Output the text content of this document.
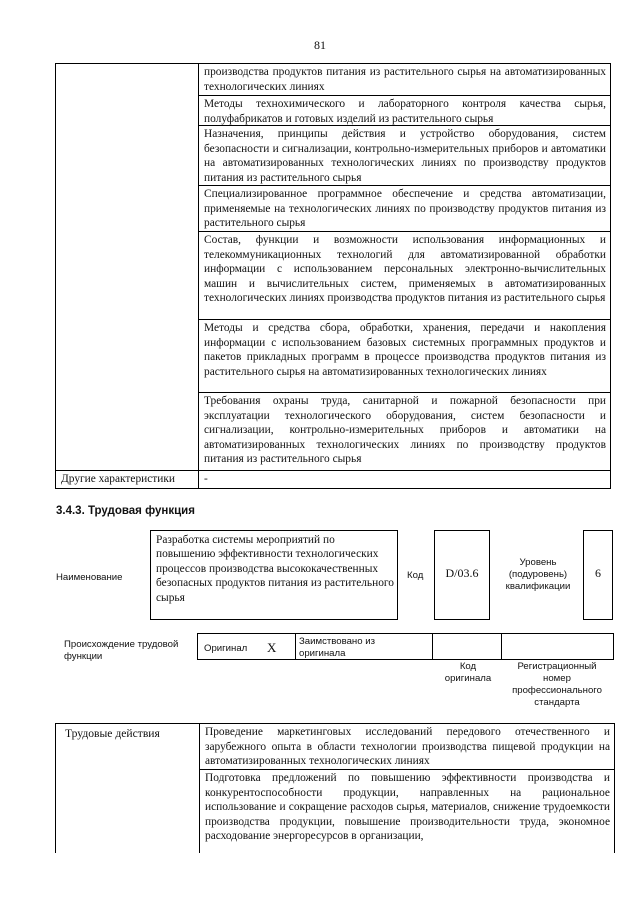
81
производства продуктов питания из растительного сырья на автоматизированных технологических линиях
Методы технохимического и лабораторного контроля качества сырья, полуфабрикатов и готовых изделий из растительного сырья
Назначения, принципы действия и устройство оборудования, систем безопасности и сигнализации, контрольно-измерительных приборов и автоматики на автоматизированных технологических линиях по производству продуктов питания из растительного сырья
Специализированное программное обеспечение и средства автоматизации, применяемые на технологических линиях по производству продуктов питания из растительного сырья
Состав, функции и возможности использования информационных и телекоммуникационных технологий для автоматизированной обработки информации с использованием персональных электронно-вычислительных машин и вычислительных систем, применяемых в автоматизированных технологических линиях производства продуктов питания из растительного сырья
Методы и средства сбора, обработки, хранения, передачи и накопления информации с использованием базовых системных программных продуктов и пакетов прикладных программ в процессе производства продуктов питания из растительного сырья на автоматизированных технологических линиях
Требования охраны труда, санитарной и пожарной безопасности при эксплуатации технологического оборудования, систем безопасности и сигнализации, контрольно-измерительных приборов и автоматики на автоматизированных технологических линиях по производству продуктов питания из растительного сырья
Другие характеристики	-
3.4.3. Трудовая функция
Наименование
Разработка системы мероприятий по повышению эффективности технологических процессов производства высококачественных безопасных продуктов питания из растительного сырья
Код	D/03.6
Уровень (подуровень) квалификации
6
Происхождение трудовой функции
Оригинал X Заимствовано из оригинала
Код оригинала
Регистрационный номер профессионального стандарта
Трудовые действия	Проведение маркетинговых исследований передового отечественного и зарубежного опыта в области технологии производства пищевой продукции на автоматизированных технологических линиях
Подготовка предложений по повышению эффективности производства и конкурентоспособности продукции, направленных на рациональное использование и сокращение расходов сырья, материалов, снижение трудоемкости производства продукции, повышение производительности труда, экономное расходование энергоресурсов в организации,
